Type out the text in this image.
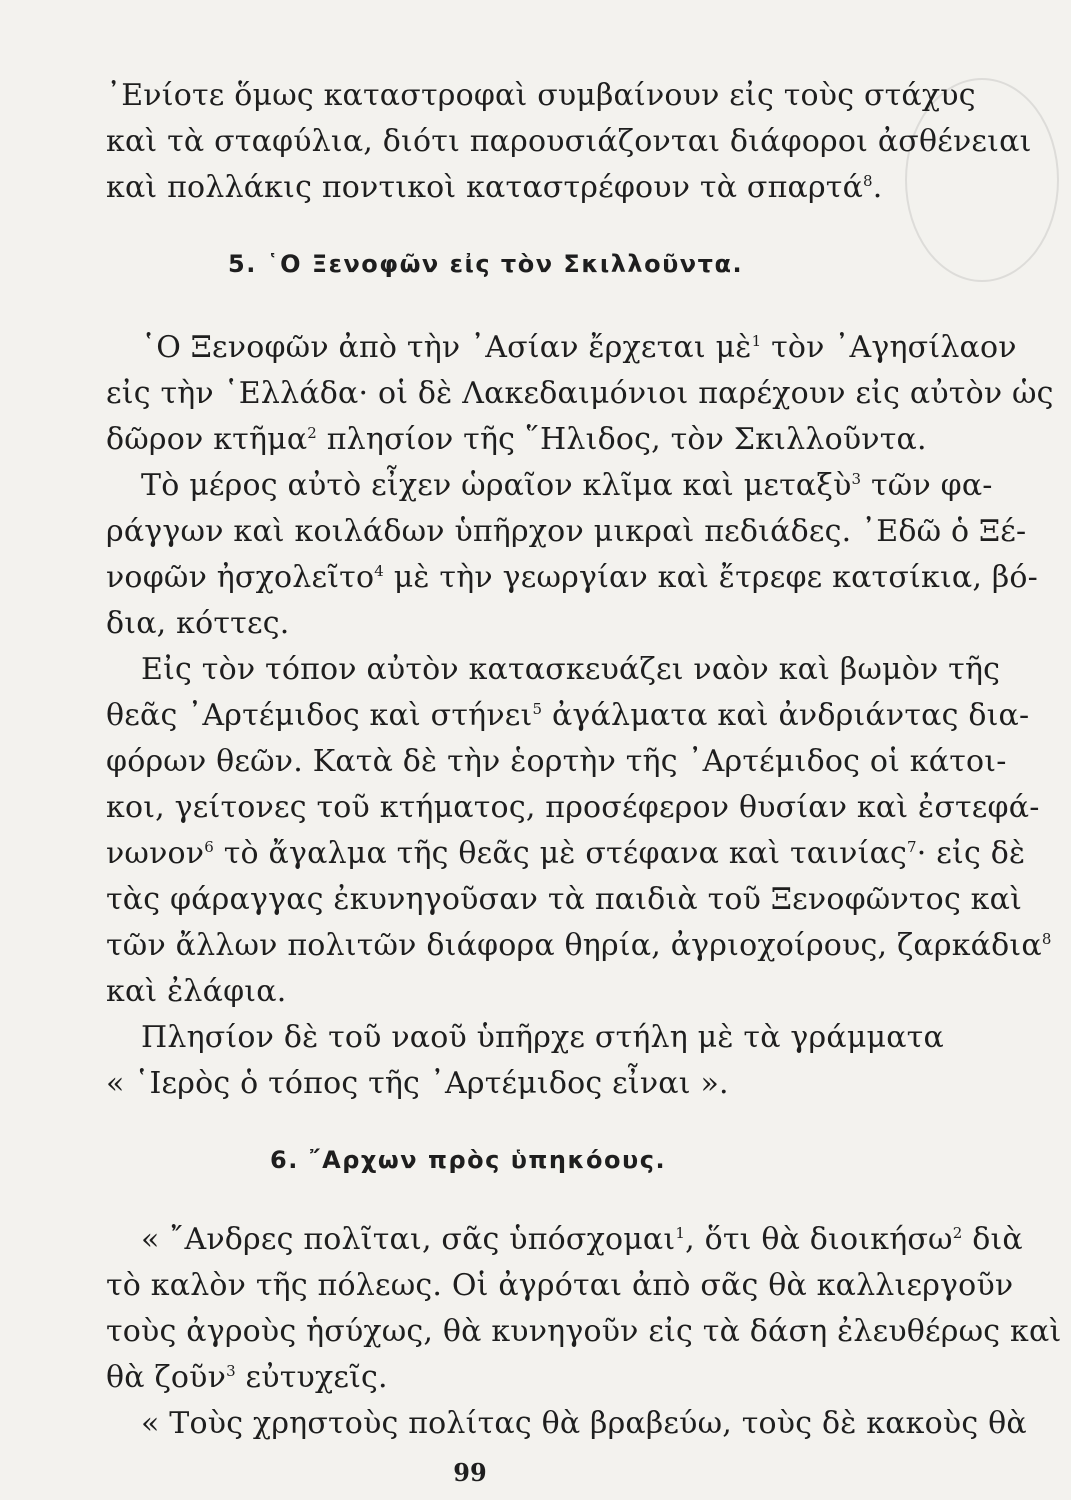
᾽Ενίοτε ὅμως καταστροφαὶ συμβαίνουν εἰς τοὺς στάχυς
καὶ τὰ σταφύλια, διότι παρουσιάζονται διάφοροι ἀσθένειαι
καὶ πολλάκις ποντικοὶ καταστρέφουν τὰ σπαρτά$^8$.
5. ῾Ο Ξενοφῶν εἰς τὸν Σκιλλοῦντα.
῾Ο Ξενοφῶν ἀπὸ τὴν ᾽Ασίαν ἔρχεται μὲ$^1$ τὸν ᾽Αγησίλαον
εἰς τὴν ῾Ελλάδα· οἱ δὲ Λακεδαιμόνιοι παρέχουν εἰς αὐτὸν ὡς
δῶρον κτῆμα$^2$ πλησίον τῆς ῞Ηλιδος, τὸν Σκιλλοῦντα.
Τὸ μέρος αὐτὸ εἶχεν ὡραῖον κλῖμα καὶ μεταξὺ$^3$ τῶν φα-
ράγγων καὶ κοιλάδων ὑπῆρχον μικραὶ πεδιάδες. ᾽Εδῶ ὁ Ξέ-
νοφῶν ἠσχολεῖτο$^4$ μὲ τὴν γεωργίαν καὶ ἔτρεφε κατσίκια, βό-
δια, κόττες.
Εἰς τὸν τόπον αὐτὸν κατασκευάζει ναὸν καὶ βωμὸν τῆς
θεᾶς ᾽Αρτέμιδος καὶ στήνει$^5$ ἀγάλματα καὶ ἀνδριάντας δια-
φόρων θεῶν. Κατὰ δὲ τὴν ἑορτὴν τῆς ᾽Αρτέμιδος οἱ κάτοι-
κοι, γείτονες τοῦ κτήματος, προσέφερον θυσίαν καὶ ἐστεφά-
νωνον$^6$ τὸ ἄγαλμα τῆς θεᾶς μὲ στέφανα καὶ ταινίας$^7$· εἰς δὲ
τὰς φάραγγας ἐκυνηγοῦσαν τὰ παιδιὰ τοῦ Ξενοφῶντος καὶ
τῶν ἄλλων πολιτῶν διάφορα θηρία, ἀγριοχοίρους, ζαρκάδια$^8$
καὶ ἐλάφια.
Πλησίον δὲ τοῦ ναοῦ ὑπῆρχε στήλη μὲ τὰ γράμματα
« ῾Ιερὸς ὁ τόπος τῆς ᾽Αρτέμιδος εἶναι ».
6. ῎Αρχων πρὸς ὑπηκόους.
« ῎Ανδρες πολῖται, σᾶς ὑπόσχομαι$^1$, ὅτι θὰ διοικήσω$^2$ διὰ
τὸ καλὸν τῆς πόλεως. Οἱ ἀγρόται ἀπὸ σᾶς θὰ καλλιεργοῦν
τοὺς ἀγροὺς ἡσύχως, θὰ κυνηγοῦν εἰς τὰ δάση ἐλευθέρως καὶ
θὰ ζοῦν$^3$ εὐτυχεῖς.
« Τοὺς χρηστοὺς πολίτας θὰ βραβεύω, τοὺς δὲ κακοὺς θὰ
99
